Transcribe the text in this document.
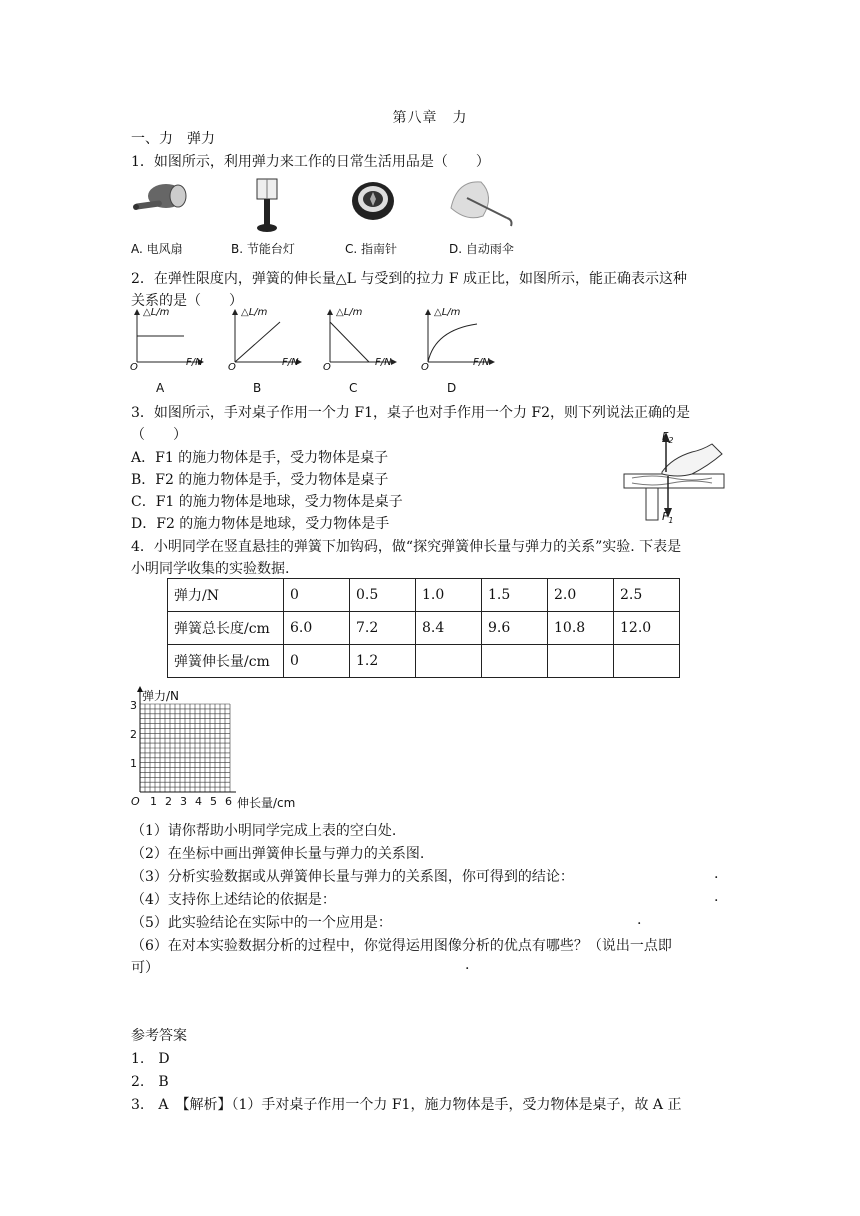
第八章　力
一、力　弹力
1．如图所示，利用弹力来工作的日常生活用品是（　　）
A. 电风扇	B. 节能台灯	C. 指南针	D. 自动雨伞
2．在弹性限度内，弹簧的伸长量△L 与受到的拉力 F 成正比，如图所示，能正确表示这种
关系的是（　　）
△L/m	△L/m	△L/m	△L/m
F/N	F/N	F/N	F/N
O	O	O	O
A	B	C	D
3．如图所示，手对桌子作用一个力 F1，桌子也对手作用一个力 F2，则下列说法正确的是
（　　）
A．F1 的施力物体是手，受力物体是桌子
B．F2 的施力物体是手，受力物体是桌子
C．F1 的施力物体是地球，受力物体是桌子
D．F2 的施力物体是地球，受力物体是手
$F_2$
$F_1$
4．小明同学在竖直悬挂的弹簧下加钩码，做“探究弹簧伸长量与弹力的关系”实验. 下表是
小明同学收集的实验数据.
弹力/N	0	0.5	1.0	1.5	2.0	2.5
弹簧总长度/cm	6.0	7.2	8.4	9.6	10.8	12.0
弹簧伸长量/cm	0	1.2				
弹力/N
伸长量/cm
O
3
2
1
1 2 3 4 5 6
（1）请你帮助小明同学完成上表的空白处.
（2）在坐标中画出弹簧伸长量与弹力的关系图.
（3）分析实验数据或从弹簧伸长量与弹力的关系图，你可得到的结论：	.
（4）支持你上述结论的依据是：	.
（5）此实验结论在实际中的一个应用是：	.
（6）在对本实验数据分析的过程中，你觉得运用图像分析的优点有哪些？（说出一点即
可）	.
参考答案
1.　D
2.　B
3.　A　【解析】（1）手对桌子作用一个力 F1，施力物体是手，受力物体是桌子，故 A 正
